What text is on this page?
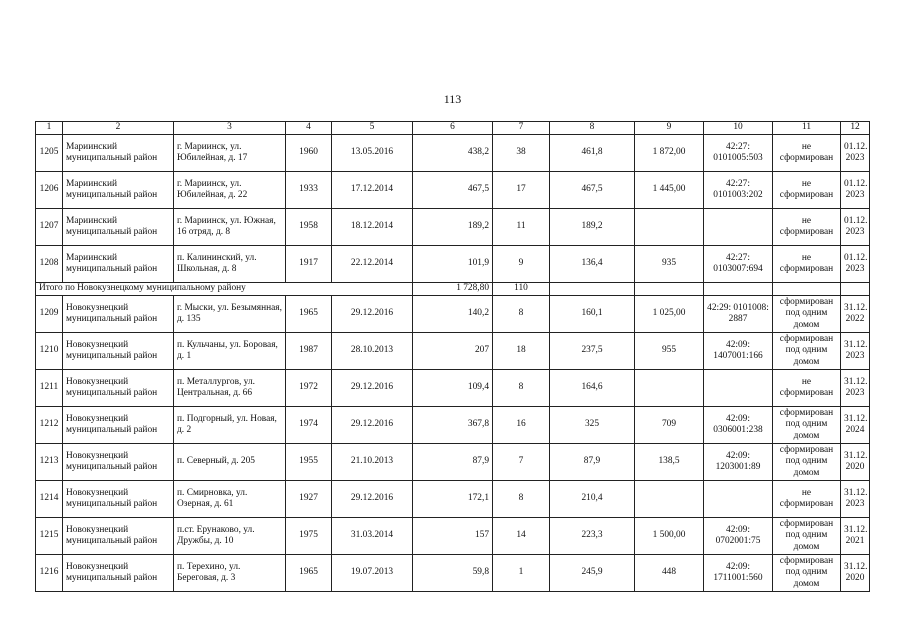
113
1	2	3	4	5	6	7	8	9	10	11	12
1205	Мариинский муниципальный район	г. Мариинск, ул. Юбилейная, д. 17	1960	13.05.2016	438,2	38	461,8	1 872,00	42:27: 0101005:503	не сформирован	01.12. 2023
1206	Мариинский муниципальный район	г. Мариинск, ул. Юбилейная, д. 22	1933	17.12.2014	467,5	17	467,5	1 445,00	42:27: 0101003:202	не сформирован	01.12. 2023
1207	Мариинский муниципальный район	г. Мариинск, ул. Южная, 16 отряд, д. 8	1958	18.12.2014	189,2	11	189,2			не сформирован	01.12. 2023
1208	Мариинский муниципальный район	п. Калининский, ул. Школьная, д. 8	1917	22.12.2014	101,9	9	136,4	935	42:27: 0103007:694	не сформирован	01.12. 2023
Итого по Новокузнецкому муниципальному району					1 728,80	110					
1209	Новокузнецкий муниципальный район	г. Мыски, ул. Безымянная, д. 135	1965	29.12.2016	140,2	8	160,1	1 025,00	42:29: 0101008: 2887	сформирован под одним домом	31.12. 2022
1210	Новокузнецкий муниципальный район	п. Кульчаны, ул. Боровая, д. 1	1987	28.10.2013	207	18	237,5	955	42:09: 1407001:166	сформирован под одним домом	31.12. 2023
1211	Новокузнецкий муниципальный район	п. Металлургов, ул. Центральная, д. 66	1972	29.12.2016	109,4	8	164,6			не сформирован	31.12. 2023
1212	Новокузнецкий муниципальный район	п. Подгорный, ул. Новая, д. 2	1974	29.12.2016	367,8	16	325	709	42:09: 0306001:238	сформирован под одним домом	31.12. 2024
1213	Новокузнецкий муниципальный район	п. Северный, д. 205	1955	21.10.2013	87,9	7	87,9	138,5	42:09: 1203001:89	сформирован под одним домом	31.12. 2020
1214	Новокузнецкий муниципальный район	п. Смирновка, ул. Озерная, д. 61	1927	29.12.2016	172,1	8	210,4			не сформирован	31.12. 2023
1215	Новокузнецкий муниципальный район	п.ст. Ерунаково, ул. Дружбы, д. 10	1975	31.03.2014	157	14	223,3	1 500,00	42:09: 0702001:75	сформирован под одним домом	31.12. 2021
1216	Новокузнецкий муниципальный район	п. Терехино, ул. Береговая, д. 3	1965	19.07.2013	59,8	1	245,9	448	42:09: 1711001:560	сформирован под одним домом	31.12. 2020
